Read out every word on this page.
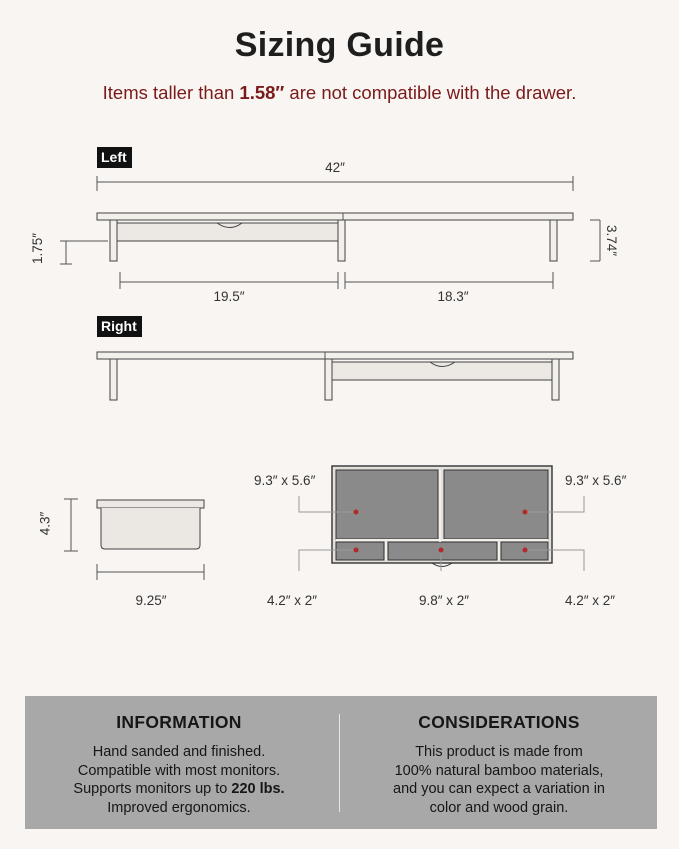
Sizing Guide
Items taller than 1.58″ are not compatible with the drawer.
Left
Right
42″
1.75″	3.74″
19.5″	18.3″
4.3″
9.25″
9.3″ x 5.6″	9.3″ x 5.6″
4.2″ x 2″	9.8″ x 2″	4.2″ x 2″
INFORMATION

Hand sanded and finished.

Compatible with most monitors.

Supports monitors up to 220 lbs.

Improved ergonomics.

CONSIDERATIONS

This product is made from

100% natural bamboo materials,

and you can expect a variation in

color and wood grain.
